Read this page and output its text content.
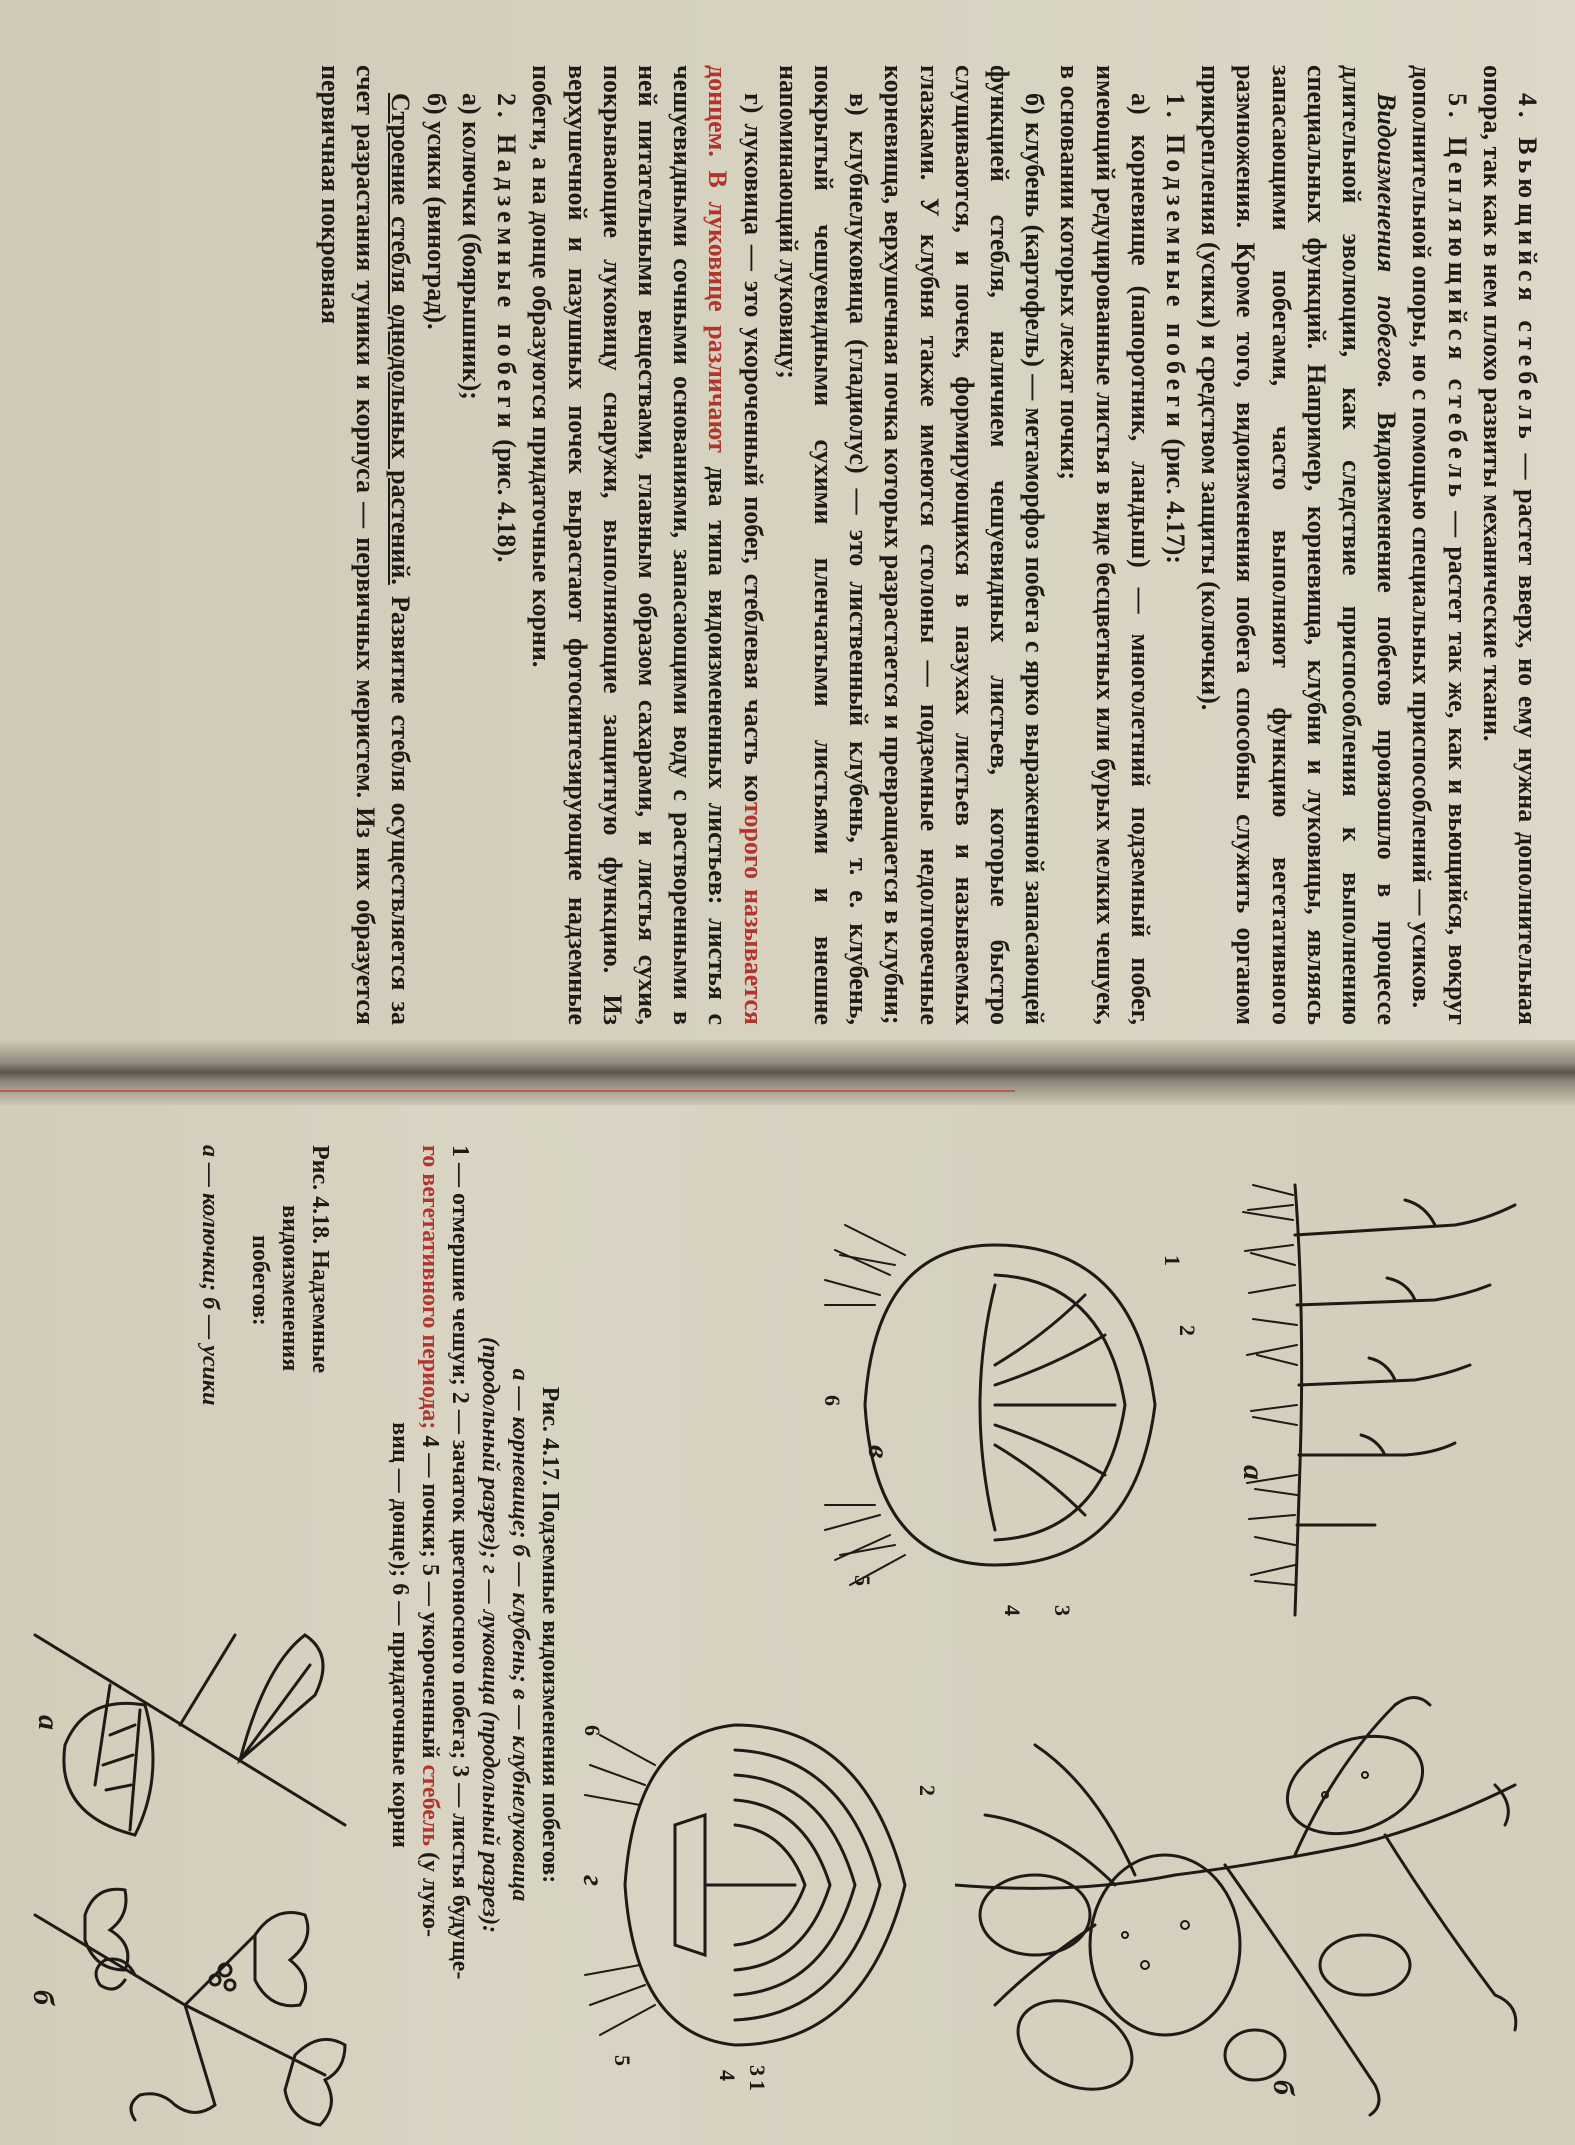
4. Вьющийся стебель — растет вверх, но ему нужна дополнительная опора, так как в нем плохо развиты механические ткани.

5. Цепляющийся стебель — растет так же, как и вьющийся, вокруг дополнительной опоры, но с помощью специальных приспособлений — усиков.

Видоизменения побегов. Видоизменение побегов произошло в процессе длительной эволюции, как следствие приспособления к выполнению специальных функций. Например, корневища, клубни и луковицы, являясь запасающими побегами, часто выполняют функцию вегетативного размножения. Кроме того, видоизменения побега способны служить органом прикрепления (усики) и средством защиты (колючки).

1. Подземные побеги (рис. 4.17):

а) корневище (папоротник, ландыш) — многолетний подземный побег, имеющий редуцированные листья в виде бесцветных или бурых мелких чешуек, в основании которых лежат почки;

б) клубень (картофель) — метаморфоз побега с ярко выраженной запасающей функцией стебля, наличием чешуевидных листьев, которые быстро слущиваются, и почек, формирующихся в пазухах листьев и называемых глазками. У клубня также имеются столоны — подземные недолговечные корневища, верхушечная почка которых разрастается и превращается в клубни;

в) клубнелуковица (гладиолус) — это лиственный клубень, т. е. клубень, покрытый чешуевидными сухими пленчатыми листьями и внешне напоминающий луковицу;

г) луковица — это укороченный побег, стеблевая часть которого называется донцем. В луковице различают два типа видоизмененных листьев: листья с чешуевидными сочными основаниями, запасающими воду с растворенными в ней питательными веществами, главным образом сахарами, и листья сухие, покрывающие луковицу снаружи, выполняющие защитную функцию. Из верхушечной и пазушных почек вырастают фотосинтезирующие надземные побеги, а на донце образуются придаточные корни.

2. Надземные побеги (рис. 4.18).

а) колючки (боярышник);

б) усики (виноград).

Строение стебля однодольных растений. Развитие стебля осуществляется за счет разрастания туники и корпуса — первичных меристем. Из них образуется первичная покровная

а
б
1
2
3
4
5
6
в
2
3
1
4
5
6
г
Рис. 4.17. Подземные видоизменения побегов:
а — корневище; б — клубень; в — клубнелуковица
(продольный разрез); г — луковица (продольный разрез):
1 — отмершие чешуи; 2 — зачаток цветоносного побега; 3 — листья будуще-
го вегетативного периода; 4 — почки; 5 — укороченный стебель (у луко-
виц — донце); 6 — придаточные корни
Рис. 4.18. Надземные
видоизменения
побегов:
а — колючки; б — усики
а
б
